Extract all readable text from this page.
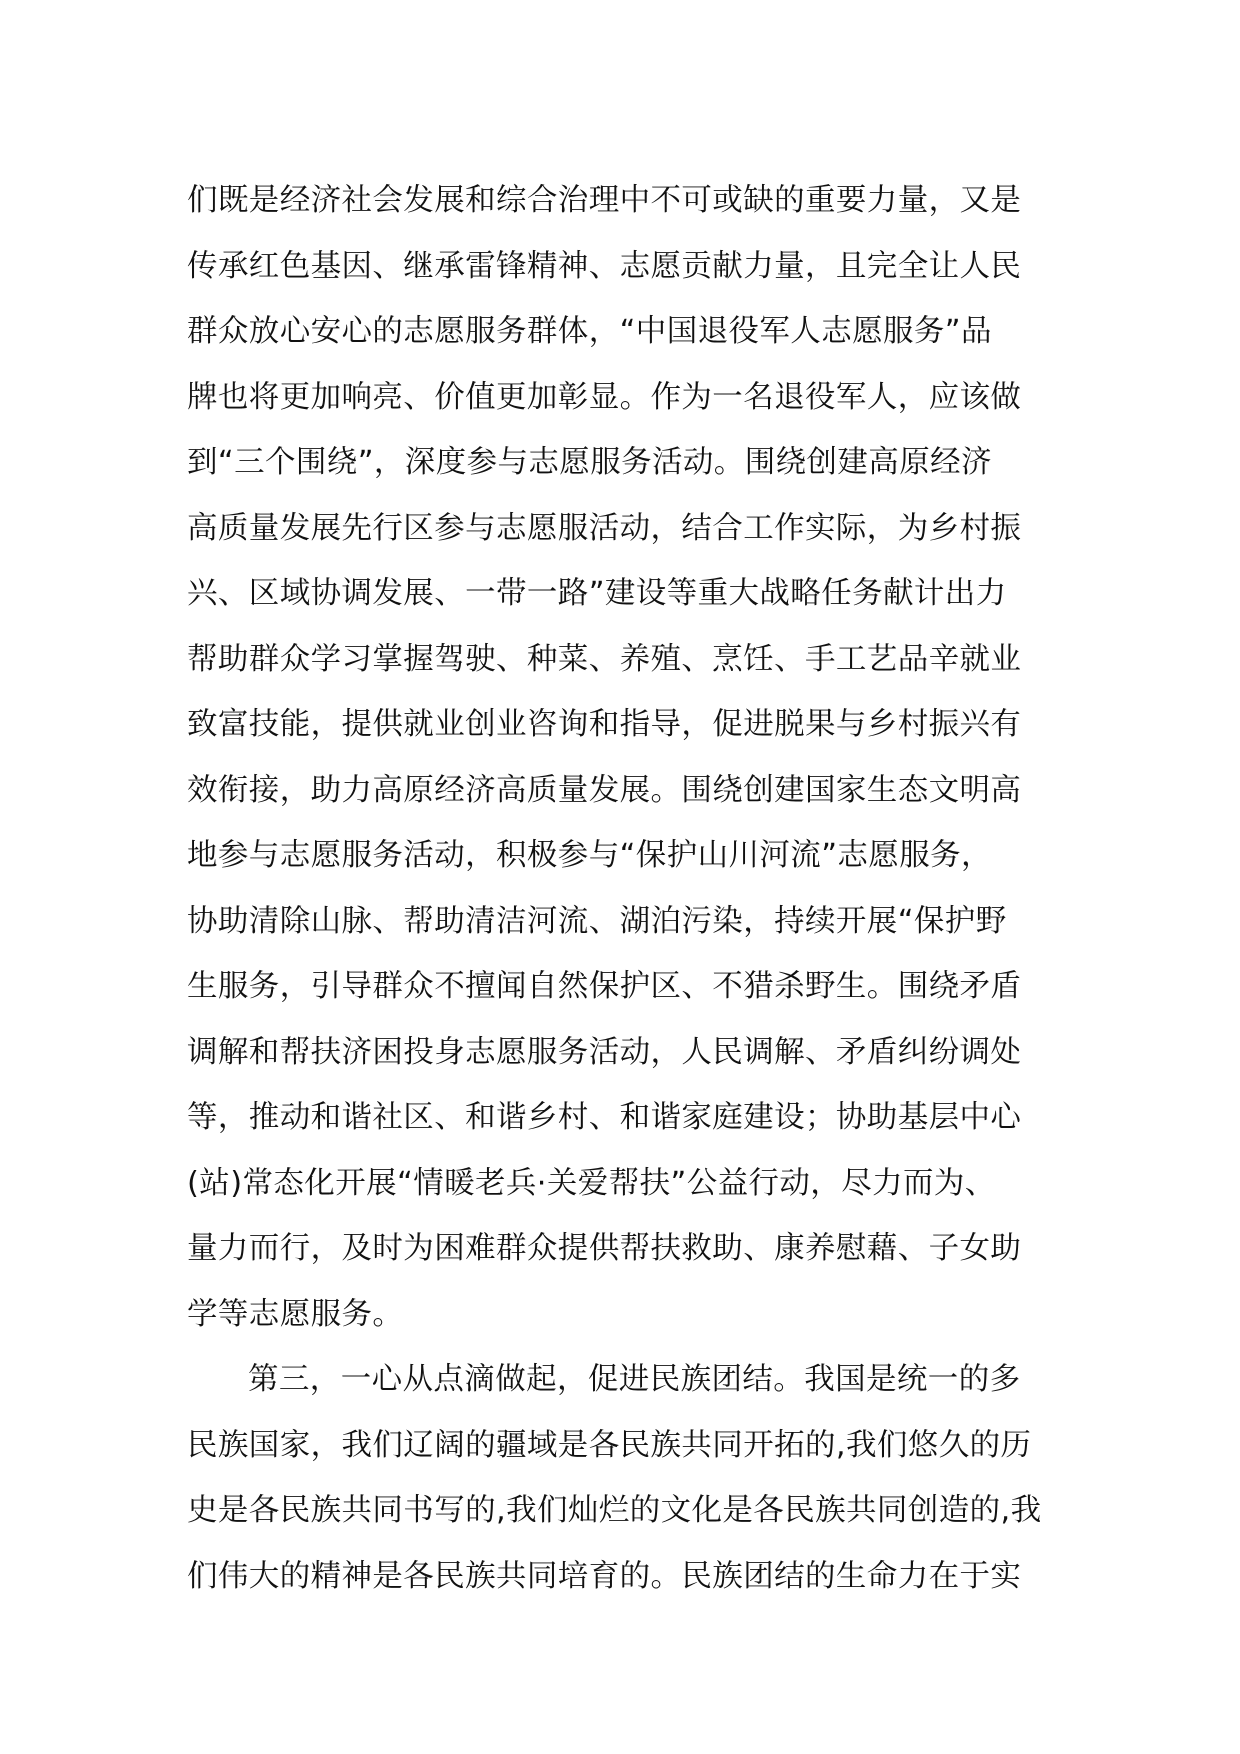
们既是经济社会发展和综合治理中不可或缺的重要力量，又是
传承红色基因、继承雷锋精神、志愿贡献力量，且完全让人民
群众放心安心的志愿服务群体，“中国退役军人志愿服务”品
牌也将更加响亮、价值更加彰显。作为一名退役军人，应该做
到“三个围绕”，深度参与志愿服务活动。围绕创建高原经济
高质量发展先行区参与志愿服活动，结合工作实际，为乡村振
兴、区域协调发展、一带一路”建设等重大战略任务献计出力
帮助群众学习掌握驾驶、种菜、养殖、烹饪、手工艺品辛就业
致富技能，提供就业创业咨询和指导，促进脱果与乡村振兴有
效衔接，助力高原经济高质量发展。围绕创建国家生态文明高
地参与志愿服务活动，积极参与“保护山川河流”志愿服务，
协助清除山脉、帮助清洁河流、湖泊污染，持续开展“保护野
生服务，引导群众不擅闻自然保护区、不猎杀野生。围绕矛盾
调解和帮扶济困投身志愿服务活动，人民调解、矛盾纠纷调处
等，推动和谐社区、和谐乡村、和谐家庭建设；协助基层中心
(站)常态化开展“情暖老兵·关爱帮扶”公益行动，尽力而为、
量力而行，及时为困难群众提供帮扶救助、康养慰藉、子女助
学等志愿服务。
第三，一心从点滴做起，促进民族团结。我国是统一的多
民族国家，我们辽阔的疆域是各民族共同开拓的,我们悠久的历
史是各民族共同书写的,我们灿烂的文化是各民族共同创造的,我
们伟大的精神是各民族共同培育的。民族团结的生命力在于实
